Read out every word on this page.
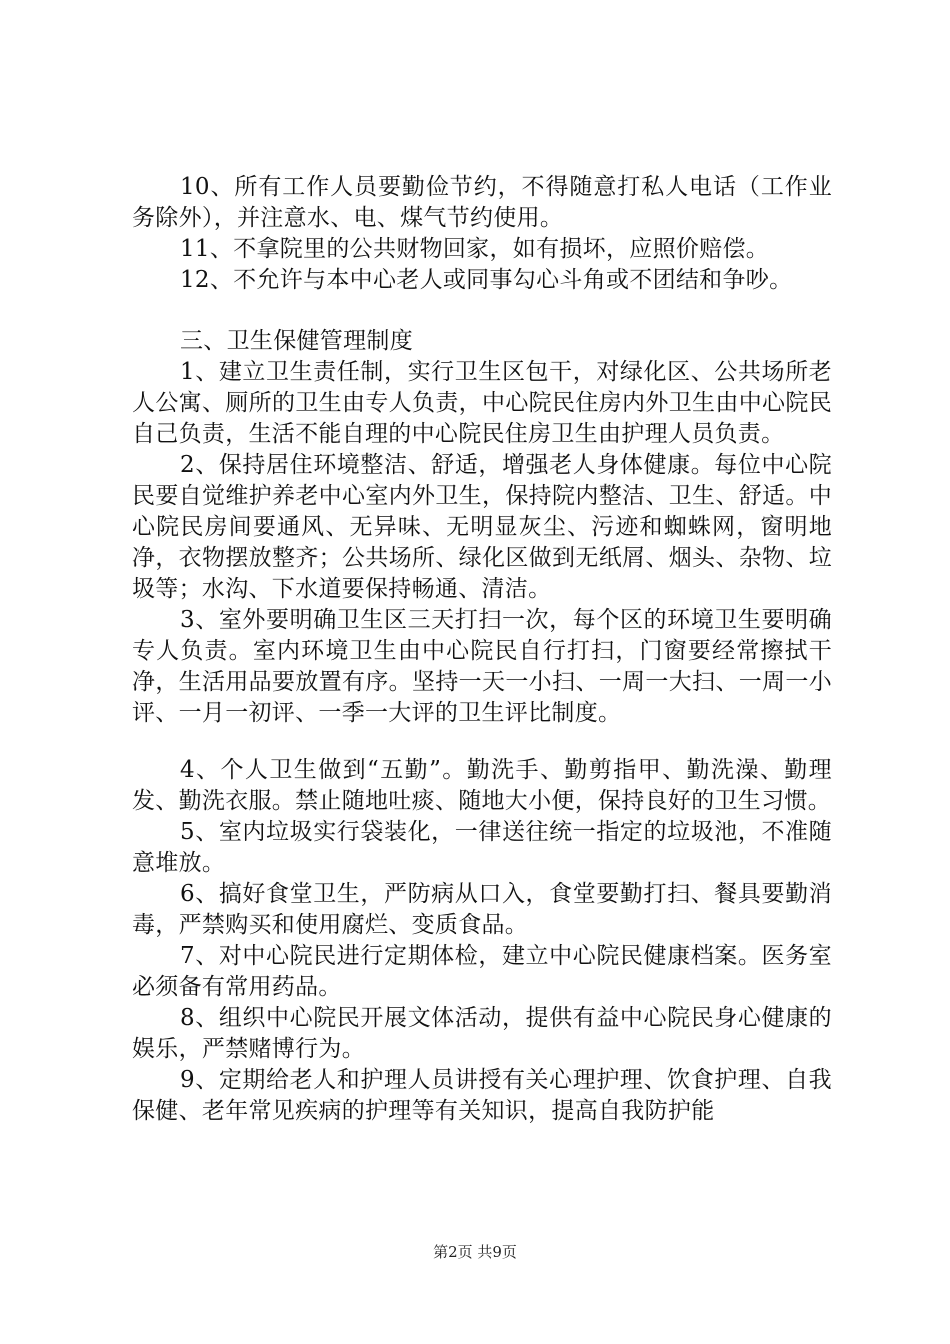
10、所有工作人员要勤俭节约，不得随意打私人电话（工作业务除外），并注意水、电、煤气节约使用。

11、不拿院里的公共财物回家，如有损坏，应照价赔偿。

12、不允许与本中心老人或同事勾心斗角或不团结和争吵。

三、卫生保健管理制度

1、建立卫生责任制，实行卫生区包干，对绿化区、公共场所老人公寓、厕所的卫生由专人负责，中心院民住房内外卫生由中心院民自己负责，生活不能自理的中心院民住房卫生由护理人员负责。

2、保持居住环境整洁、舒适，增强老人身体健康。每位中心院民要自觉维护养老中心室内外卫生，保持院内整洁、卫生、舒适。中心院民房间要通风、无异味、无明显灰尘、污迹和蜘蛛网，窗明地净，衣物摆放整齐；公共场所、绿化区做到无纸屑、烟头、杂物、垃圾等；水沟、下水道要保持畅通、清洁。

3、室外要明确卫生区三天打扫一次，每个区的环境卫生要明确专人负责。室内环境卫生由中心院民自行打扫，门窗要经常擦拭干净，生活用品要放置有序。坚持一天一小扫、一周一大扫、一周一小评、一月一初评、一季一大评的卫生评比制度。

4、个人卫生做到“五勤”。勤洗手、勤剪指甲、勤洗澡、勤理发、勤洗衣服。禁止随地吐痰、随地大小便，保持良好的卫生习惯。

5、室内垃圾实行袋装化，一律送往统一指定的垃圾池，不准随意堆放。

6、搞好食堂卫生，严防病从口入，食堂要勤打扫、餐具要勤消毒，严禁购买和使用腐烂、变质食品。

7、对中心院民进行定期体检，建立中心院民健康档案。医务室必须备有常用药品。

8、组织中心院民开展文体活动，提供有益中心院民身心健康的娱乐，严禁赌博行为。

9、定期给老人和护理人员讲授有关心理护理、饮食护理、自我保健、老年常见疾病的护理等有关知识，提高自我防护能

第2页 共9页
